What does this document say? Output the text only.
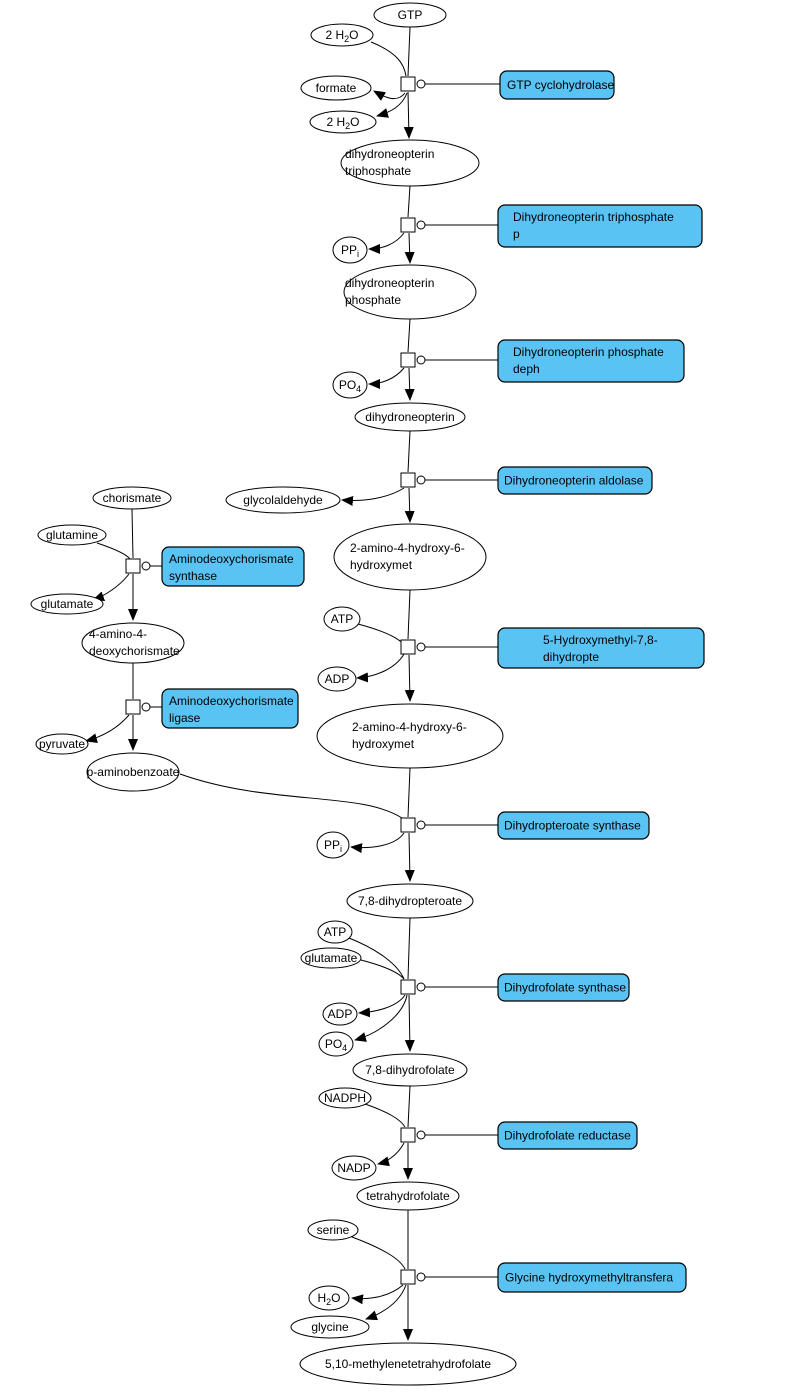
GTP
2 $H_2O$
formate
2 $H_2O$
dihydroneopterin triphosphate
$PP_i$
dihydroneopterin phosphate
$PO_4$
dihydroneopterin
glycolaldehyde
2-amino-4-hydroxy-6-hydroxymet
ATP
ADP
2-amino-4-hydroxy-6-hydroxymet
$PP_i$
7,8-dihydropteroate
ATP
glutamate
ADP
$PO_4$
7,8-dihydrofolate
NADPH
NADP
tetrahydrofolate
serine
$H_2O$
glycine
5,10-methylenetetrahydrofolate
chorismate
glutamine
glutamate
4-amino-4-deoxychorismate
pyruvate
p-aminobenzoate
GTP cyclohydrolase
Dihydroneopterin triphosphate p
Dihydroneopterin phosphate deph
Dihydroneopterin aldolase
Aminodeoxychorismate synthase
Aminodeoxychorismate ligase
5-Hydroxymethyl-7,8-dihydropte
Dihydropteroate synthase
Dihydrofolate synthase
Dihydrofolate reductase
Glycine hydroxymethyltransfera
